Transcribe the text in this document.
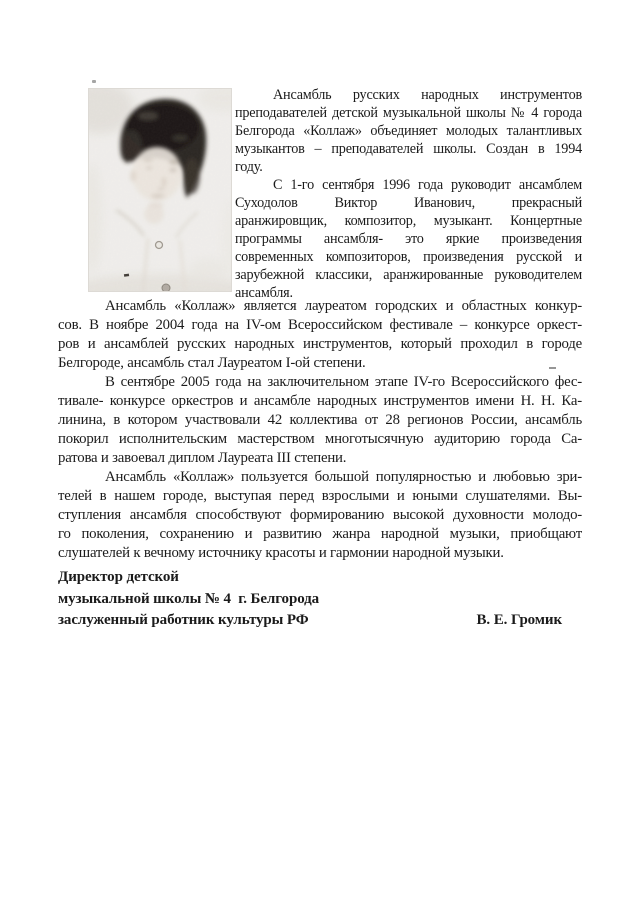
Ансамбль русских народных инструментов
преподавателей детской музыкальной школы № 4 города
Белгорода «Коллаж» объединяет молодых талантливых
музыкантов – преподавателей школы. Создан в 1994
году.
С 1-го сентября 1996 года руководит ансамблем
Суходолов Виктор Иванович, прекрасный
аранжировщик, композитор, музыкант. Концертные
программы ансамбля- это яркие произведения
современных композиторов, произведения русской и
зарубежной классики, аранжированные руководителем
ансамбля.
Ансамбль «Коллаж» является лауреатом городских и областных конкур-
сов. В ноябре 2004 года на IV-ом Всероссийском фестивале – конкурсе оркест-
ров и ансамблей русских народных инструментов, который проходил в городе
Белгороде, ансамбль стал Лауреатом I-ой степени.
В сентябре 2005 года на заключительном этапе IV-го Всероссийского фес-
тивале- конкурсе оркестров и ансамбле народных инструментов имени Н. Н. Ка-
линина, в котором участвовали 42 коллектива от 28 регионов России, ансамбль
покорил исполнительским мастерством многотысячную аудиторию города Са-
ратова и завоевал диплом Лауреата III степени.
Ансамбль «Коллаж» пользуется большой популярностью и любовью зри-
телей в нашем городе, выступая перед взрослыми и юными слушателями. Вы-
ступления ансамбля способствуют формированию высокой духовности молодо-
го поколения, сохранению и развитию жанра народной музыки, приобщают
слушателей к вечному источнику красоты и гармонии народной музыки.
Директор детской
музыкальной школы № 4  г. Белгорода
заслуженный работник культуры РФ	В. Е. Громик
